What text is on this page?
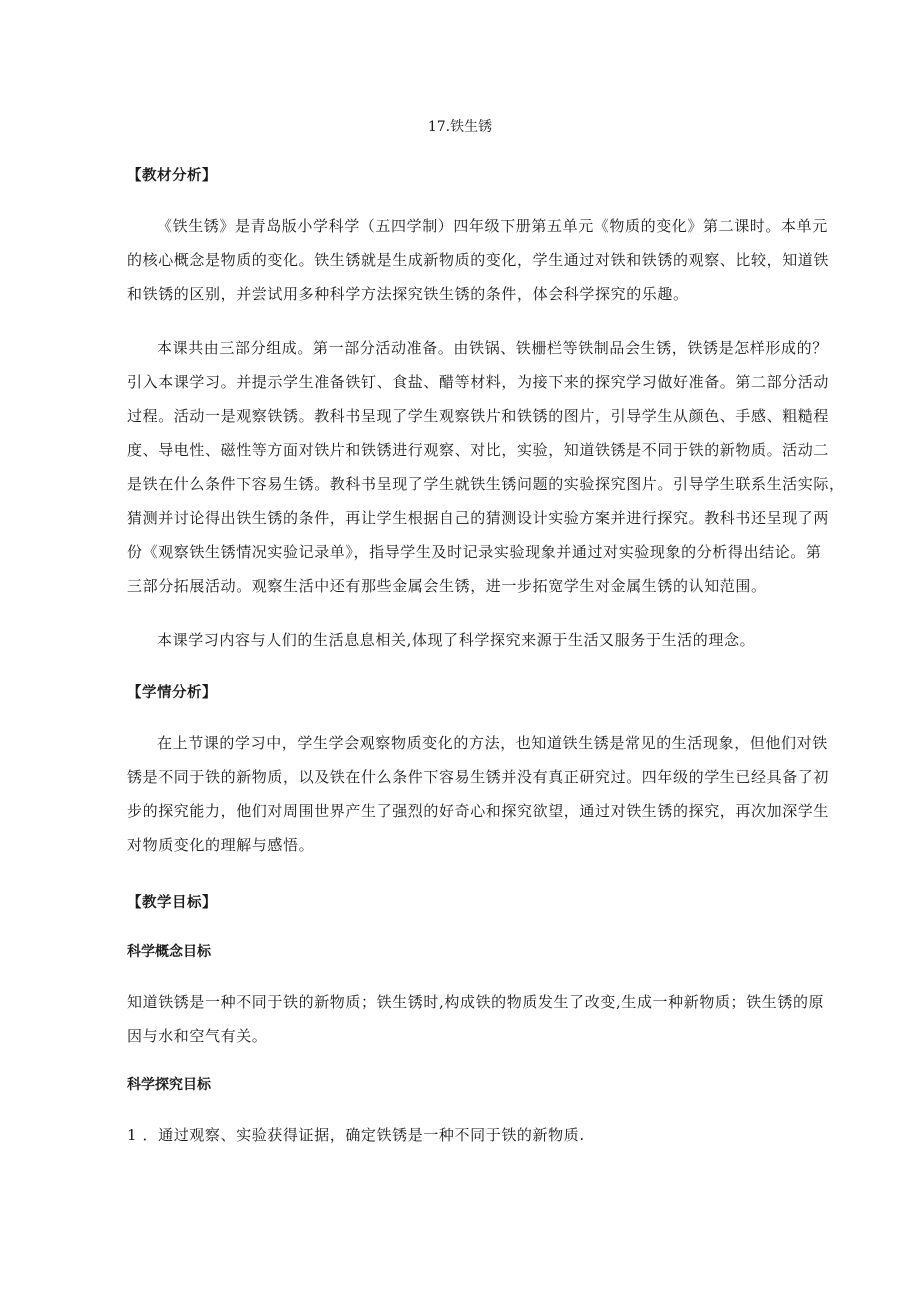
17.铁生锈
【教材分析】
《铁生锈》是青岛版小学科学（五四学制）四年级下册第五单元《物质的变化》第二课时。本单元
的核心概念是物质的变化。铁生锈就是生成新物质的变化，学生通过对铁和铁锈的观察、比较，知道铁
和铁锈的区别，并尝试用多种科学方法探究铁生锈的条件，体会科学探究的乐趣。
本课共由三部分组成。第一部分活动准备。由铁锅、铁栅栏等铁制品会生锈，铁锈是怎样形成的？
引入本课学习。并提示学生准备铁钉、食盐、醋等材料，为接下来的探究学习做好准备。第二部分活动
过程。活动一是观察铁锈。教科书呈现了学生观察铁片和铁锈的图片，引导学生从颜色、手感、粗糙程
度、导电性、磁性等方面对铁片和铁锈进行观察、对比，实验，知道铁锈是不同于铁的新物质。活动二
是铁在什么条件下容易生锈。教科书呈现了学生就铁生锈问题的实验探究图片。引导学生联系生活实际，
猜测并讨论得出铁生锈的条件，再让学生根据自己的猜测设计实验方案并进行探究。教科书还呈现了两
份《观察铁生锈情况实验记录单》，指导学生及时记录实验现象并通过对实验现象的分析得出结论。第
三部分拓展活动。观察生活中还有那些金属会生锈，进一步拓宽学生对金属生锈的认知范围。
本课学习内容与人们的生活息息相关,体现了科学探究来源于生活又服务于生活的理念。
【学情分析】
在上节课的学习中，学生学会观察物质变化的方法，也知道铁生锈是常见的生活现象，但他们对铁
锈是不同于铁的新物质，以及铁在什么条件下容易生锈并没有真正研究过。四年级的学生已经具备了初
步的探究能力，他们对周围世界产生了强烈的好奇心和探究欲望，通过对铁生锈的探究，再次加深学生
对物质变化的理解与感悟。
【教学目标】
科学概念目标
知道铁锈是一种不同于铁的新物质；铁生锈时,构成铁的物质发生了改变,生成一种新物质；铁生锈的原
因与水和空气有关。
科学探究目标
1 ．通过观察、实验获得证据，确定铁锈是一种不同于铁的新物质.
